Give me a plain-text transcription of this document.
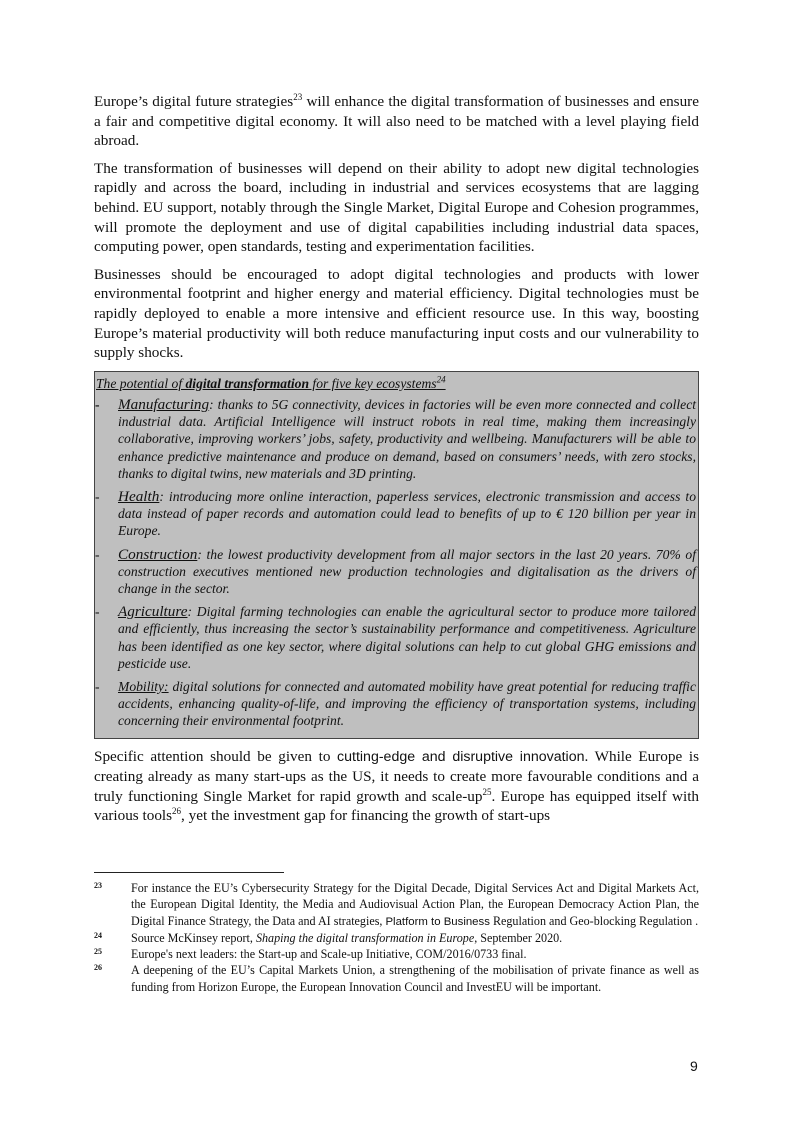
Europe’s digital future strategies$^{23}$ will enhance the digital transformation of businesses and ensure a fair and competitive digital economy. It will also need to be matched with a level playing field abroad.

The transformation of businesses will depend on their ability to adopt new digital technologies rapidly and across the board, including in industrial and services ecosystems that are lagging behind. EU support, notably through the Single Market, Digital Europe and Cohesion programmes, will promote the deployment and use of digital capabilities including industrial data spaces, computing power, open standards, testing and experimentation facilities.

Businesses should be encouraged to adopt digital technologies and products with lower environmental footprint and higher energy and material efficiency. Digital technologies must be rapidly deployed to enable a more intensive and efficient resource use. In this way, boosting Europe’s material productivity will both reduce manufacturing input costs and our vulnerability to supply shocks.

The potential of digital transformation for five key ecosystems$^{24}$
- Manufacturing: thanks to 5G connectivity, devices in factories will be even more connected and collect industrial data. Artificial Intelligence will instruct robots in real time, making them increasingly collaborative, improving workers’ jobs, safety, productivity and wellbeing. Manufacturers will be able to enhance predictive maintenance and produce on demand, based on consumers’ needs, with zero stocks, thanks to digital twins, new materials and 3D printing.
- Health: introducing more online interaction, paperless services, electronic transmission and access to data instead of paper records and automation could lead to benefits of up to € 120 billion per year in Europe.
- Construction: the lowest productivity development from all major sectors in the last 20 years. 70% of construction executives mentioned new production technologies and digitalisation as the drivers of change in the sector.
- Agriculture: Digital farming technologies can enable the agricultural sector to produce more tailored and efficiently, thus increasing the sector’s sustainability performance and competitiveness. Agriculture has been identified as one key sector, where digital solutions can help to cut global GHG emissions and pesticide use.
- Mobility: digital solutions for connected and automated mobility have great potential for reducing traffic accidents, enhancing quality-of-life, and improving the efficiency of transportation systems, including concerning their environmental footprint.

Specific attention should be given to cutting-edge and disruptive innovation. While Europe is creating already as many start-ups as the US, it needs to create more favourable conditions and a truly functioning Single Market for rapid growth and scale-$up^{25}$. Europe has equipped itself with various tools$^{26}$, yet the investment gap for financing the growth of start-ups

23 For instance the EU’s Cybersecurity Strategy for the Digital Decade, Digital Services Act and Digital Markets Act, the European Digital Identity, the Media and Audiovisual Action Plan, the European Democracy Action Plan, the Digital Finance Strategy, the Data and AI strategies, Platform to Business Regulation and Geo-blocking Regulation .
24 Source McKinsey report, Shaping the digital transformation in Europe, September 2020.
25 Europe's next leaders: the Start-up and Scale-up Initiative, COM/2016/0733 final.
26 A deepening of the EU’s Capital Markets Union, a strengthening of the mobilisation of private finance as well as funding from Horizon Europe, the European Innovation Council and InvestEU will be important.
9
